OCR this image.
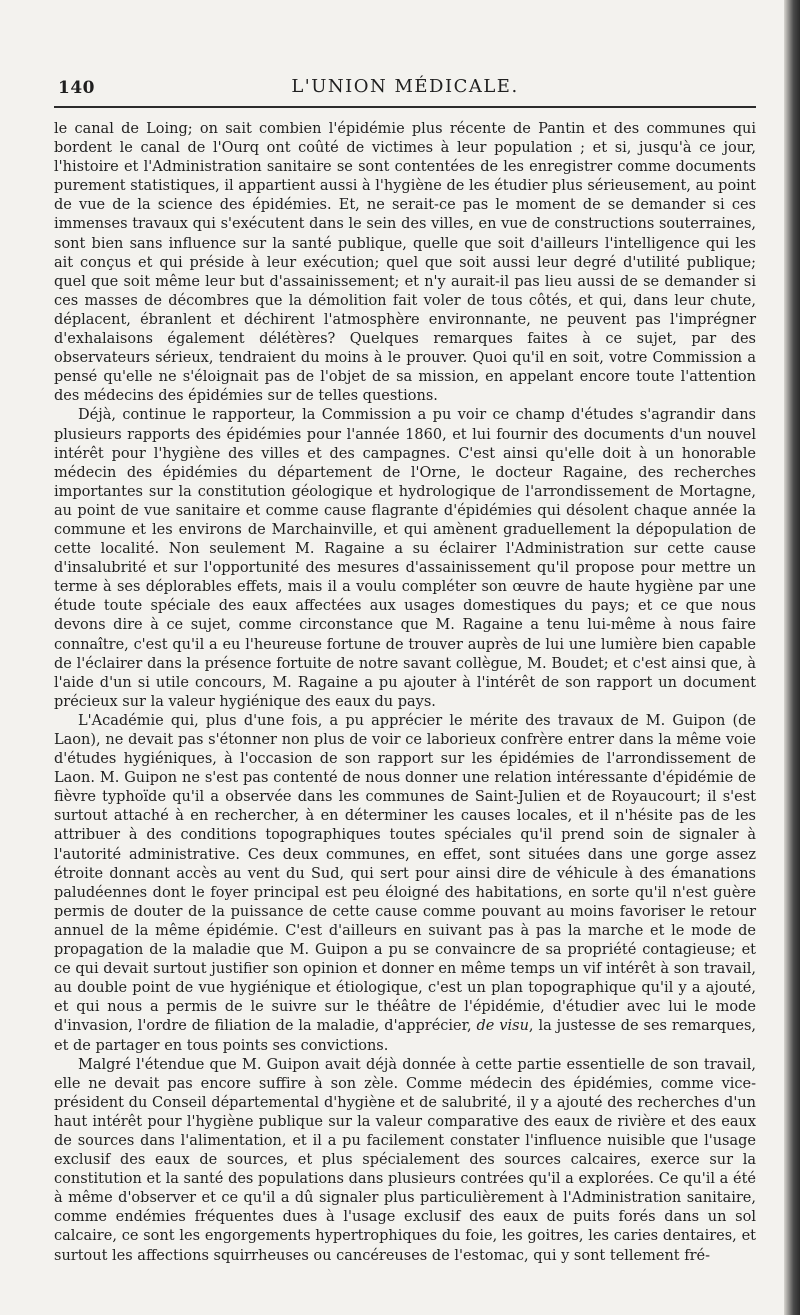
140	L'UNION MÉDICALE.

le canal de Loing; on sait combien l'épidémie plus récente de Pantin et des communes qui bordent le canal de l'Ourq ont coûté de victimes à leur population ; et si, jusqu'à ce jour, l'histoire et l'Administration sanitaire se sont contentées de les enregistrer comme documents purement statistiques, il appartient aussi à l'hygiène de les étudier plus sérieusement, au point de vue de la science des épidémies. Et, ne serait-ce pas le moment de se demander si ces immenses travaux qui s'exécutent dans le sein des villes, en vue de constructions souterraines, sont bien sans influence sur la santé publique, quelle que soit d'ailleurs l'intelligence qui les ait conçus et qui préside à leur exécution; quel que soit aussi leur degré d'utilité publique; quel que soit même leur but d'assainissement; et n'y aurait-il pas lieu aussi de se demander si ces masses de décombres que la démolition fait voler de tous côtés, et qui, dans leur chute, déplacent, ébranlent et déchirent l'atmosphère environnante, ne peuvent pas l'imprégner d'exhalaisons également délétères? Quelques remarques faites à ce sujet, par des observateurs sérieux, tendraient du moins à le prouver. Quoi qu'il en soit, votre Commission a pensé qu'elle ne s'éloignait pas de l'objet de sa mission, en appelant encore toute l'attention des médecins des épidémies sur de telles questions.

Déjà, continue le rapporteur, la Commission a pu voir ce champ d'études s'agrandir dans plusieurs rapports des épidémies pour l'année 1860, et lui fournir des documents d'un nouvel intérêt pour l'hygiène des villes et des campagnes. C'est ainsi qu'elle doit à un honorable médecin des épidémies du département de l'Orne, le docteur Ragaine, des recherches importantes sur la constitution géologique et hydrologique de l'arrondissement de Mortagne, au point de vue sanitaire et comme cause flagrante d'épidémies qui désolent chaque année la commune et les environs de Marchainville, et qui amènent graduellement la dépopulation de cette localité. Non seulement M. Ragaine a su éclairer l'Administration sur cette cause d'insalubrité et sur l'opportunité des mesures d'assainissement qu'il propose pour mettre un terme à ses déplorables effets, mais il a voulu compléter son œuvre de haute hygiène par une étude toute spéciale des eaux affectées aux usages domestiques du pays; et ce que nous devons dire à ce sujet, comme circonstance que M. Ragaine a tenu lui-même à nous faire connaître, c'est qu'il a eu l'heureuse fortune de trouver auprès de lui une lumière bien capable de l'éclairer dans la présence fortuite de notre savant collègue, M. Boudet; et c'est ainsi que, à l'aide d'un si utile concours, M. Ragaine a pu ajouter à l'intérêt de son rapport un document précieux sur la valeur hygiénique des eaux du pays.

L'Académie qui, plus d'une fois, a pu apprécier le mérite des travaux de M. Guipon (de Laon), ne devait pas s'étonner non plus de voir ce laborieux confrère entrer dans la même voie d'études hygiéniques, à l'occasion de son rapport sur les épidémies de l'arrondissement de Laon. M. Guipon ne s'est pas contenté de nous donner une relation intéressante d'épidémie de fièvre typhoïde qu'il a observée dans les communes de Saint-Julien et de Royaucourt; il s'est surtout attaché à en rechercher, à en déterminer les causes locales, et il n'hésite pas de les attribuer à des conditions topographiques toutes spéciales qu'il prend soin de signaler à l'autorité administrative. Ces deux communes, en effet, sont situées dans une gorge assez étroite donnant accès au vent du Sud, qui sert pour ainsi dire de véhicule à des émanations paludéennes dont le foyer principal est peu éloigné des habitations, en sorte qu'il n'est guère permis de douter de la puissance de cette cause comme pouvant au moins favoriser le retour annuel de la même épidémie. C'est d'ailleurs en suivant pas à pas la marche et le mode de propagation de la maladie que M. Guipon a pu se convaincre de sa propriété contagieuse; et ce qui devait surtout justifier son opinion et donner en même temps un vif intérêt à son travail, au double point de vue hygiénique et étiologique, c'est un plan topographique qu'il y a ajouté, et qui nous a permis de le suivre sur le théâtre de l'épidémie, d'étudier avec lui le mode d'invasion, l'ordre de filiation de la maladie, d'apprécier, de visu, la justesse de ses remarques, et de partager en tous points ses convictions.

Malgré l'étendue que M. Guipon avait déjà donnée à cette partie essentielle de son travail, elle ne devait pas encore suffire à son zèle. Comme médecin des épidémies, comme vice-président du Conseil départemental d'hygiène et de salubrité, il y a ajouté des recherches d'un haut intérêt pour l'hygiène publique sur la valeur comparative des eaux de rivière et des eaux de sources dans l'alimentation, et il a pu facilement constater l'influence nuisible que l'usage exclusif des eaux de sources, et plus spécialement des sources calcaires, exerce sur la constitution et la santé des populations dans plusieurs contrées qu'il a explorées. Ce qu'il a été à même d'observer et ce qu'il a dû signaler plus particulièrement à l'Administration sanitaire, comme endémies fréquentes dues à l'usage exclusif des eaux de puits forés dans un sol calcaire, ce sont les engorgements hypertrophiques du foie, les goitres, les caries dentaires, et surtout les affections squirrheuses ou cancéreuses de l'estomac, qui y sont tellement fré-
